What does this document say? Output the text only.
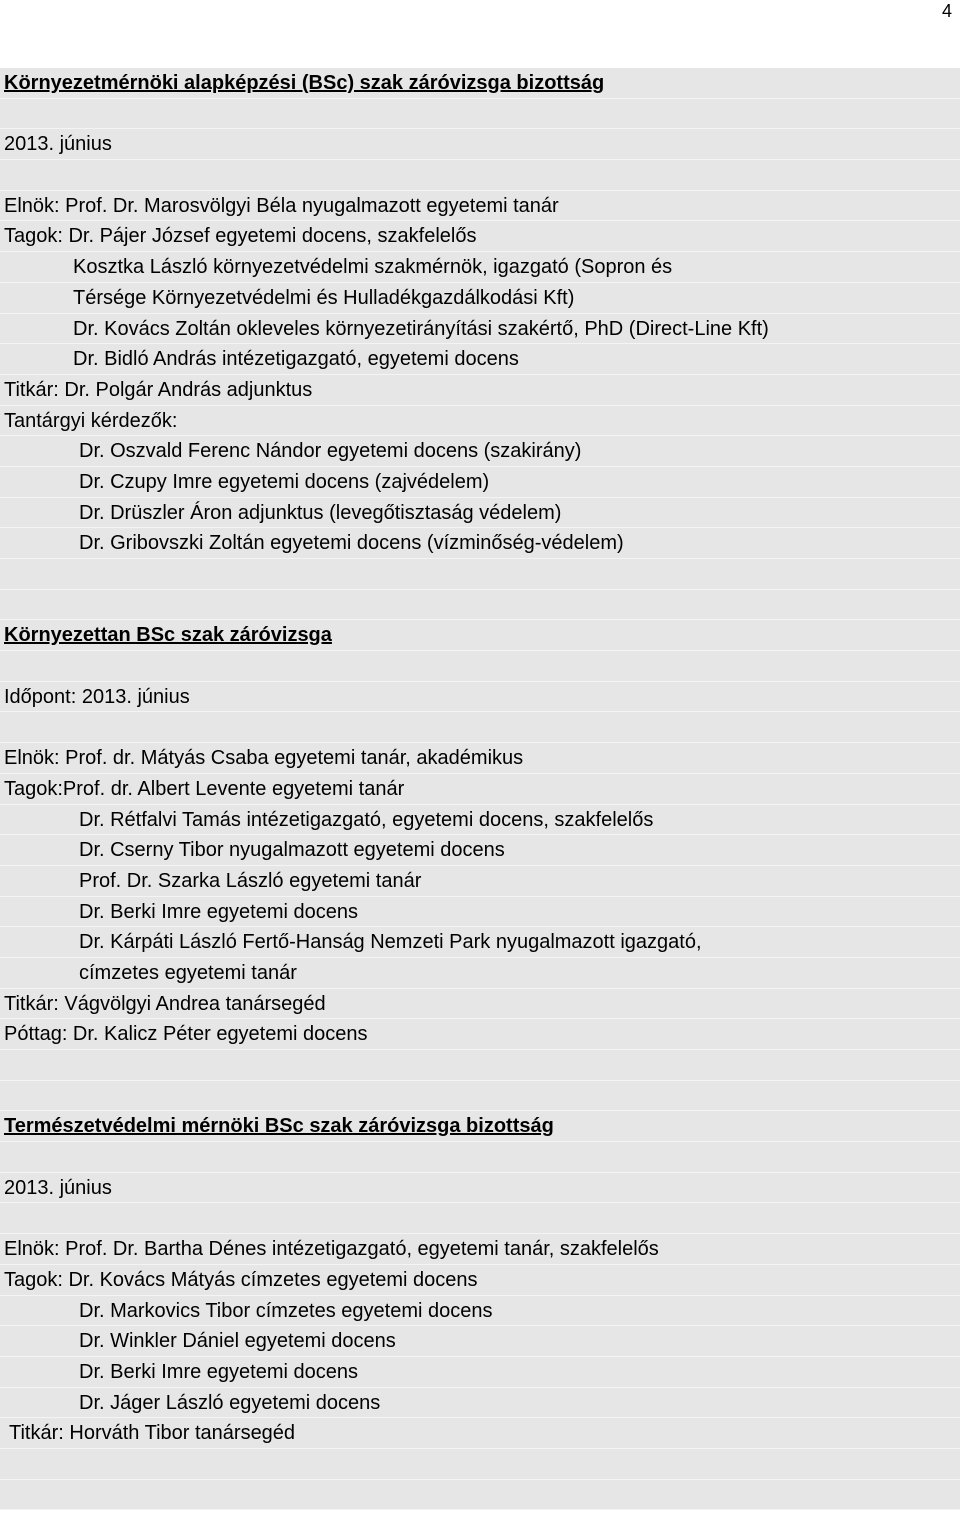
4
Környezetmérnöki alapképzési (BSc) szak záróvizsga bizottság
2013. június
Elnök: Prof. Dr. Marosvölgyi Béla nyugalmazott egyetemi tanár
Tagok: Dr. Pájer József egyetemi docens, szakfelelős
Kosztka László környezetvédelmi szakmérnök, igazgató (Sopron és
Térsége Környezetvédelmi és Hulladékgazdálkodási Kft)
Dr. Kovács Zoltán okleveles környezetirányítási szakértő, PhD (Direct-Line Kft)
Dr. Bidló András intézetigazgató, egyetemi docens
Titkár: Dr. Polgár András adjunktus
Tantárgyi kérdezők:
Dr. Oszvald Ferenc Nándor egyetemi docens (szakirány)
Dr. Czupy Imre egyetemi docens (zajvédelem)
Dr. Drüszler Áron adjunktus (levegőtisztaság védelem)
Dr. Gribovszki Zoltán egyetemi docens (vízminőség-védelem)
Környezettan BSc szak záróvizsga
Időpont: 2013. június
Elnök: Prof. dr. Mátyás Csaba egyetemi tanár, akadémikus
Tagok:Prof. dr. Albert Levente egyetemi tanár
Dr. Rétfalvi Tamás intézetigazgató, egyetemi docens, szakfelelős
Dr. Cserny Tibor nyugalmazott egyetemi docens
Prof. Dr. Szarka László egyetemi tanár
Dr. Berki Imre egyetemi docens
Dr. Kárpáti László Fertő-Hanság Nemzeti Park nyugalmazott igazgató,
címzetes egyetemi tanár
Titkár: Vágvölgyi Andrea tanársegéd
Póttag: Dr. Kalicz Péter egyetemi docens
Természetvédelmi mérnöki BSc szak záróvizsga bizottság
2013. június
Elnök: Prof. Dr. Bartha Dénes intézetigazgató, egyetemi tanár, szakfelelős
Tagok: Dr. Kovács Mátyás címzetes egyetemi docens
Dr. Markovics Tibor címzetes egyetemi docens
Dr. Winkler Dániel egyetemi docens
Dr. Berki Imre egyetemi docens
Dr. Jáger László egyetemi docens
Titkár: Horváth Tibor tanársegéd
